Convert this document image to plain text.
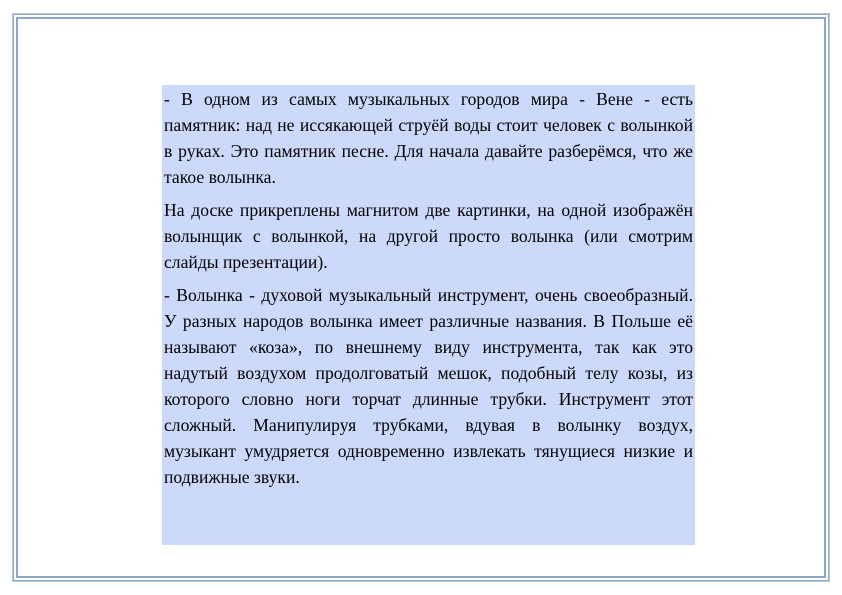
- В одном из самых музыкальных городов мира - Вене - есть памятник: над не иссякающей струёй воды стоит человек с волынкой в руках. Это памятник песне. Для начала давайте разберёмся, что же такое волынка.

На доске прикреплены магнитом две картинки, на одной изображён волынщик с волынкой, на другой просто волынка (или смотрим слайды презентации).

- Волынка - духовой музыкальный инструмент, очень своеобразный. У разных народов волынка имеет различные названия. В Польше её называют «коза», по внешнему виду инструмента, так как это надутый воздухом продолговатый мешок, подобный телу козы, из которого словно ноги торчат длинные трубки. Инструмент этот сложный. Манипулируя трубками, вдувая в волынку воздух, музыкант умудряется одновременно извлекать тянущиеся низкие и подвижные звуки.
